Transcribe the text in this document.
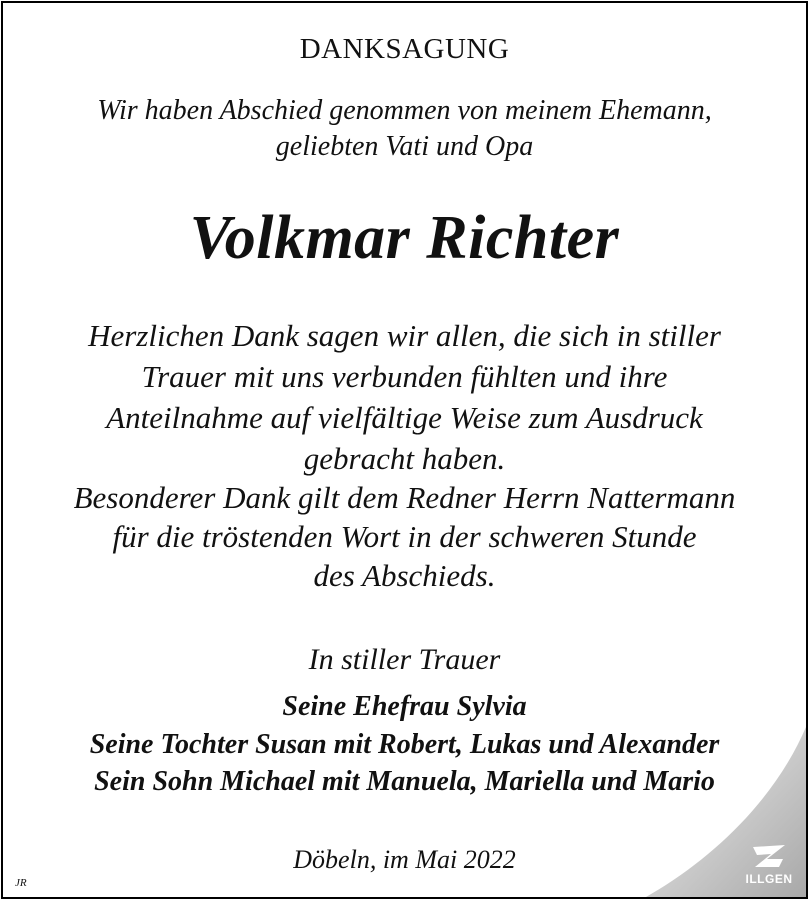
DANKSAGUNG
Wir haben Abschied genommen von meinem Ehemann,
geliebten Vati und Opa
Volkmar Richter
Herzlichen Dank sagen wir allen, die sich in stiller
Trauer mit uns verbunden fühlten und ihre
Anteilnahme auf vielfältige Weise zum Ausdruck
gebracht haben.
Besonderer Dank gilt dem Redner Herrn Nattermann
für die tröstenden Wort in der schweren Stunde
des Abschieds.
In stiller Trauer
Seine Ehefrau Sylvia
Seine Tochter Susan mit Robert, Lukas und Alexander
Sein Sohn Michael mit Manuela, Mariella und Mario
Döbeln, im Mai 2022
JR	ILLGEN
